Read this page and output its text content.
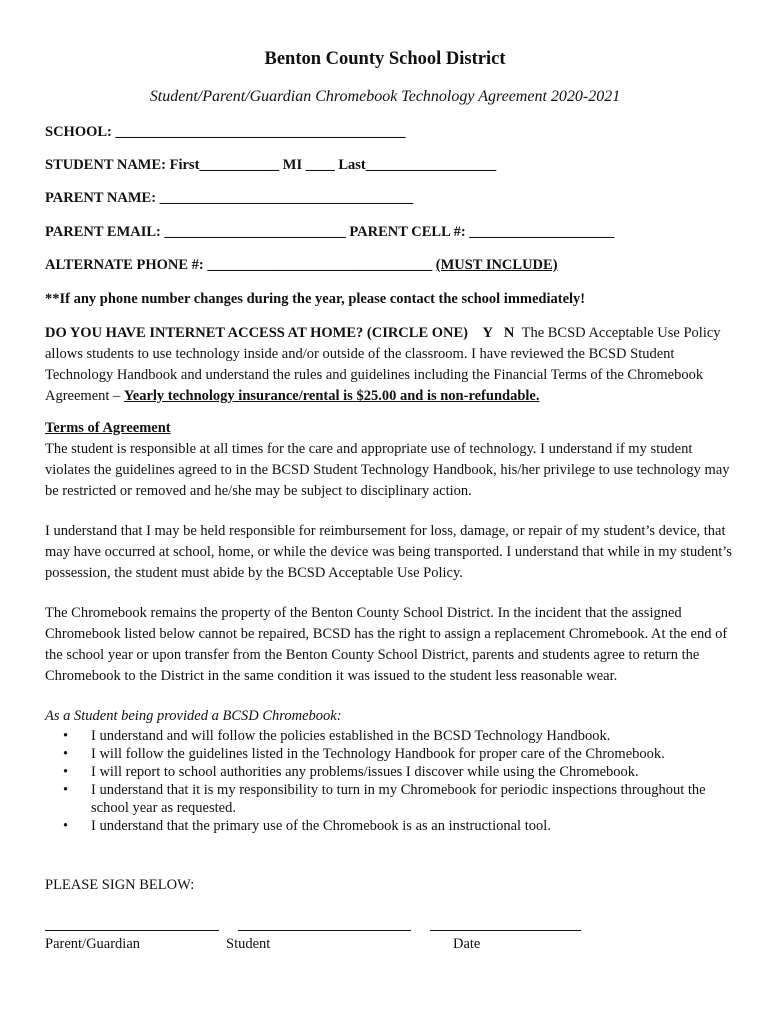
Benton County School District
Student/Parent/Guardian Chromebook Technology Agreement 2020-2021
SCHOOL: ________________________________________
STUDENT NAME: First___________ MI ____ Last__________________
PARENT NAME: ___________________________________
PARENT EMAIL: _________________________ PARENT CELL #: ____________________
ALTERNATE PHONE #: _______________________________ (MUST INCLUDE)
**If any phone number changes during the year, please contact the school immediately!
DO YOU HAVE INTERNET ACCESS AT HOME? (CIRCLE ONE) Y N The BCSD Acceptable Use Policy allows students to use technology inside and/or outside of the classroom. I have reviewed the BCSD Student Technology Handbook and understand the rules and guidelines including the Financial Terms of the Chromebook Agreement – Yearly technology insurance/rental is $25.00 and is non-refundable.
Terms of Agreement
The student is responsible at all times for the care and appropriate use of technology. I understand if my student violates the guidelines agreed to in the BCSD Student Technology Handbook, his/her privilege to use technology may be restricted or removed and he/she may be subject to disciplinary action.
I understand that I may be held responsible for reimbursement for loss, damage, or repair of my student’s device, that may have occurred at school, home, or while the device was being transported. I understand that while in my student’s possession, the student must abide by the BCSD Acceptable Use Policy.
The Chromebook remains the property of the Benton County School District. In the incident that the assigned Chromebook listed below cannot be repaired, BCSD has the right to assign a replacement Chromebook. At the end of the school year or upon transfer from the Benton County School District, parents and students agree to return the Chromebook to the District in the same condition it was issued to the student less reasonable wear.
As a Student being provided a BCSD Chromebook:
• I understand and will follow the policies established in the BCSD Technology Handbook.
• I will follow the guidelines listed in the Technology Handbook for proper care of the Chromebook.
• I will report to school authorities any problems/issues I discover while using the Chromebook.
• I understand that it is my responsibility to turn in my Chromebook for periodic inspections throughout the school year as requested.
• I understand that the primary use of the Chromebook is as an instructional tool.
PLEASE SIGN BELOW:
Parent/Guardian	Student	Date
